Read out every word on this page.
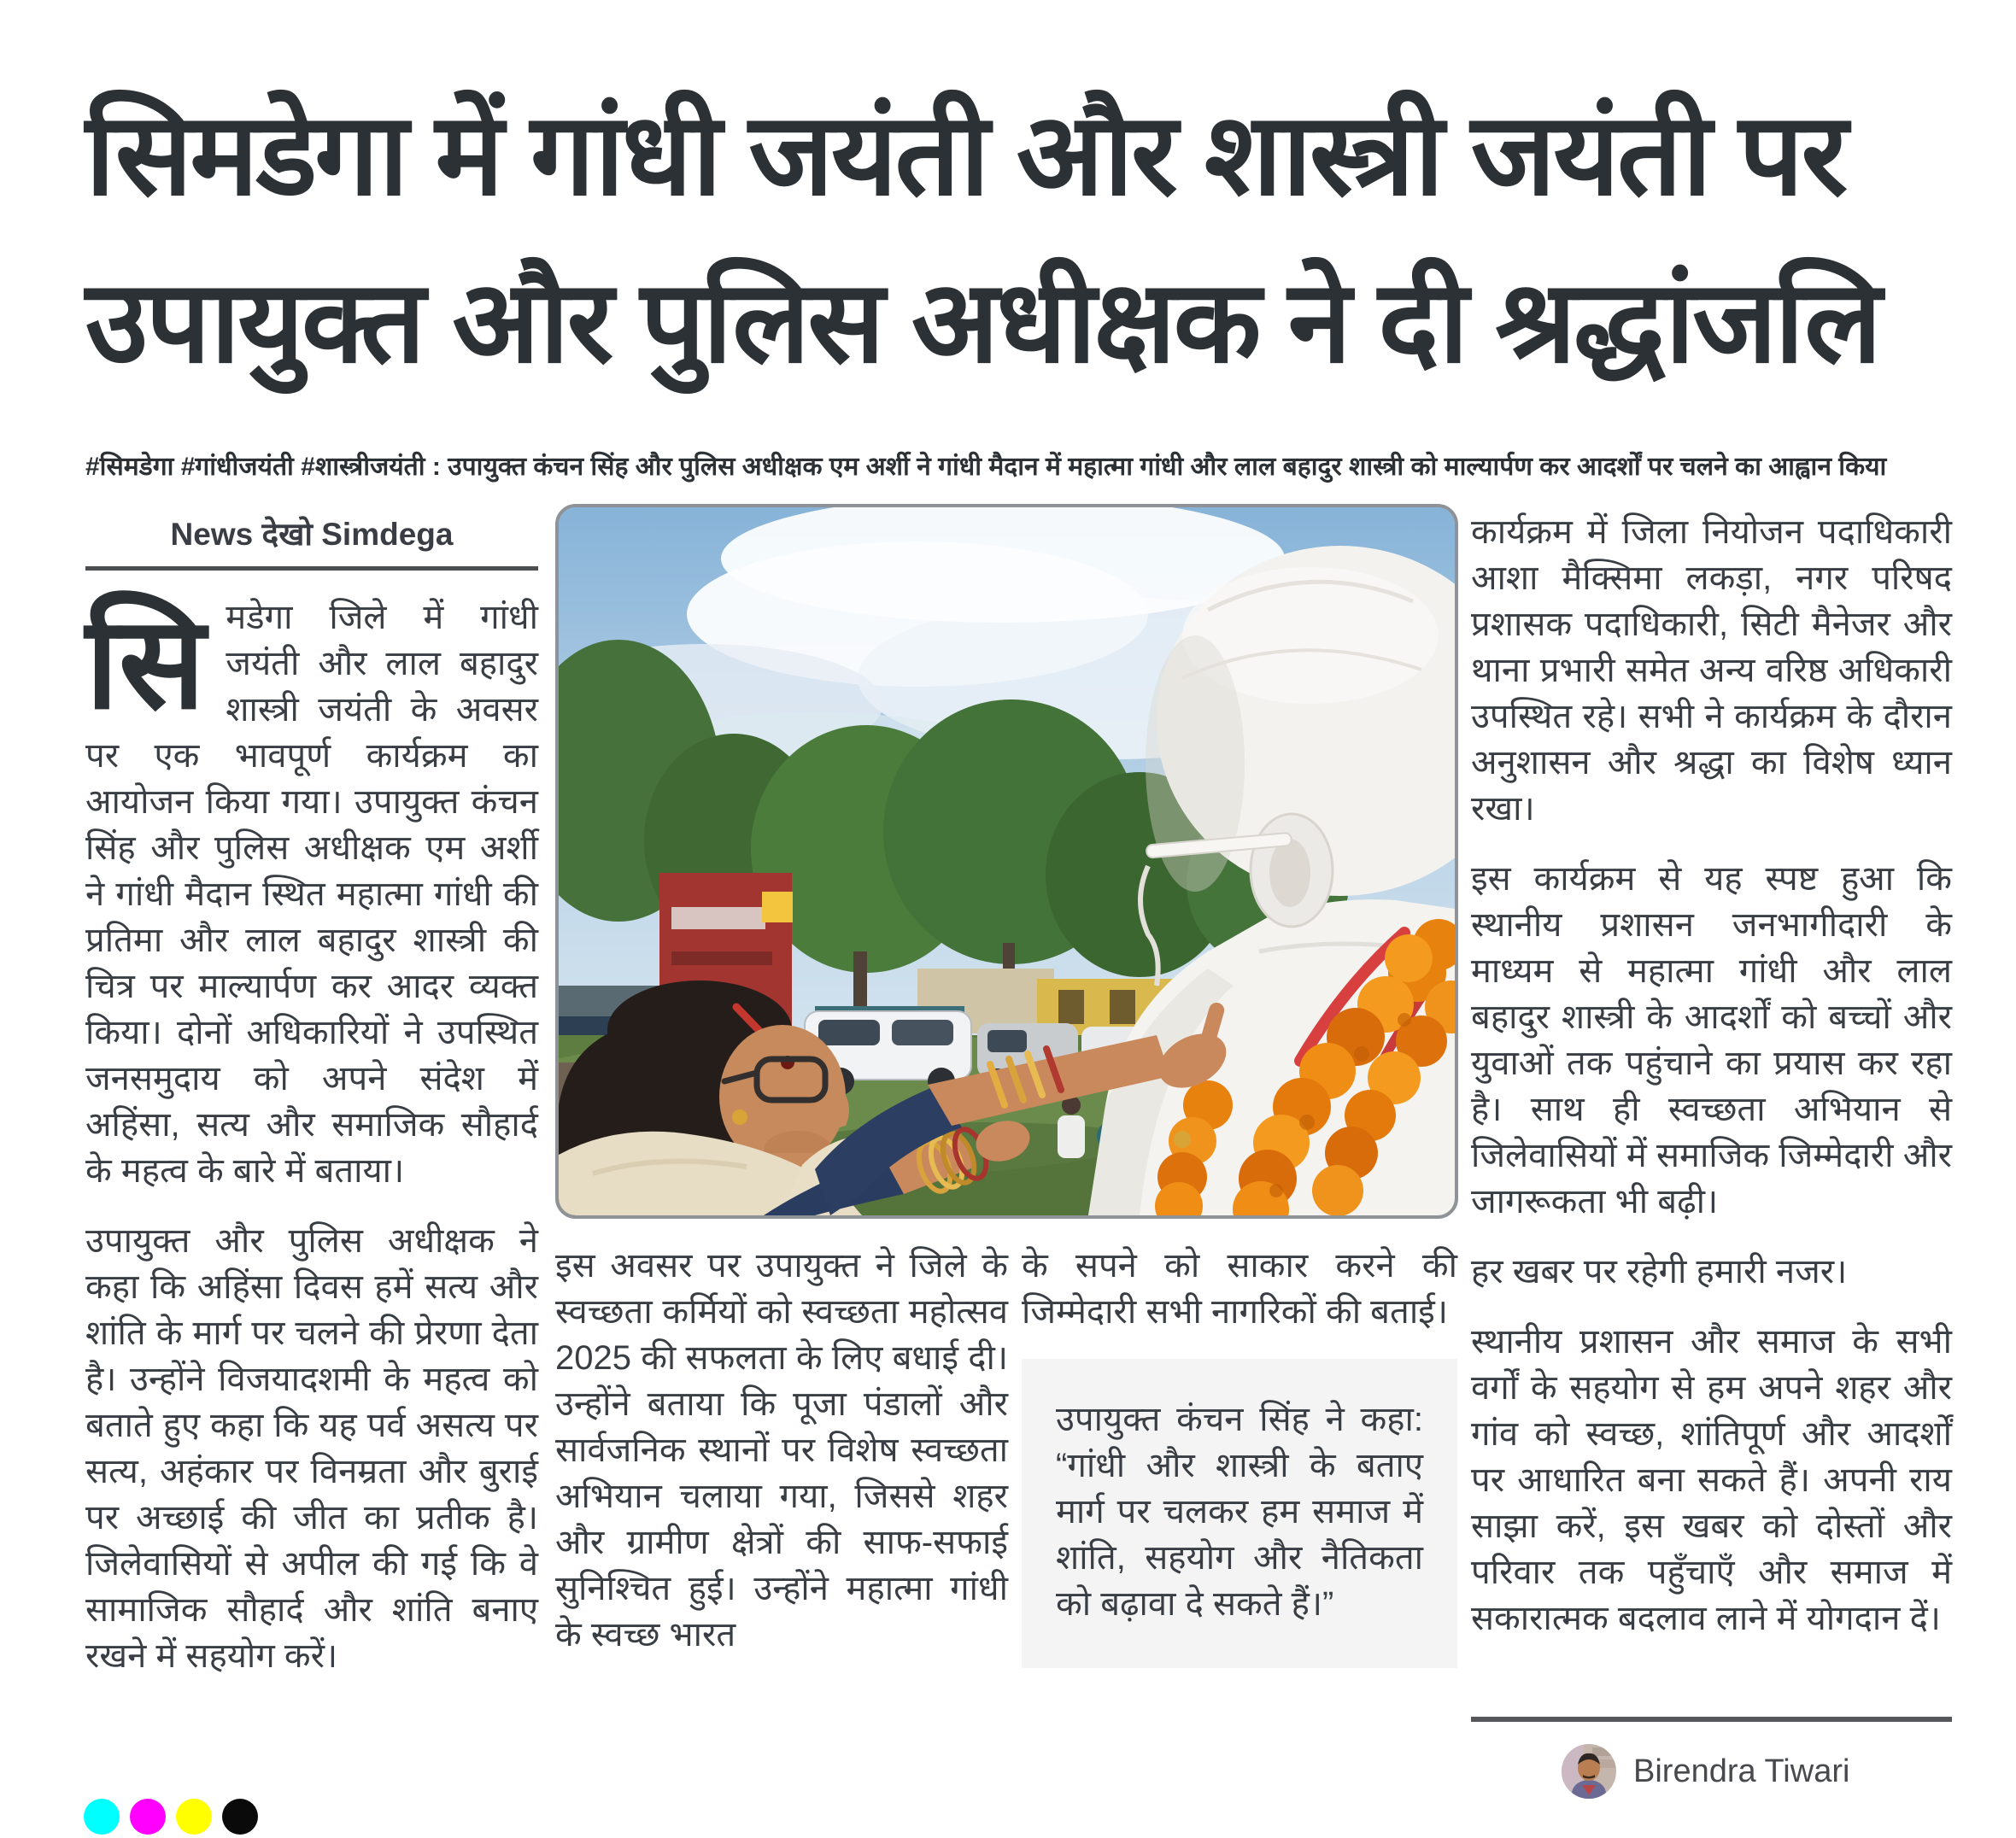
सिमडेगा में गांधी जयंती और शास्त्री जयंती पर
उपायुक्त और पुलिस अधीक्षक ने दी श्रद्धांजलि
#सिमडेगा #गांधीजयंती #शास्त्रीजयंती : उपायुक्त कंचन सिंह और पुलिस अधीक्षक एम अर्शी ने गांधी मैदान में महात्मा गांधी और लाल बहादुर शास्त्री को माल्यार्पण कर आदर्शों पर चलने का आह्वान किया
News देखो Simdega

सिमडेगा जिले में गांधी जयंती और लाल बहादुर शास्त्री जयंती के अवसर पर एक भावपूर्ण कार्यक्रम का आयोजन किया गया। उपायुक्त कंचन सिंह और पुलिस अधीक्षक एम अर्शी ने गांधी मैदान स्थित महात्मा गांधी की प्रतिमा और लाल बहादुर शास्त्री की चित्र पर माल्यार्पण कर आदर व्यक्त किया। दोनों अधिकारियों ने उपस्थित जनसमुदाय को अपने संदेश में अहिंसा, सत्य और समाजिक सौहार्द के महत्व के बारे में बताया।

उपायुक्त और पुलिस अधीक्षक ने कहा कि अहिंसा दिवस हमें सत्य और शांति के मार्ग पर चलने की प्रेरणा देता है। उन्होंने विजयादशमी के महत्व को बताते हुए कहा कि यह पर्व असत्य पर सत्य, अहंकार पर विनम्रता और बुराई पर अच्छाई की जीत का प्रतीक है। जिलेवासियों से अपील की गई कि वे सामाजिक सौहार्द और शांति बनाए रखने में सहयोग करें।

इस अवसर पर उपायुक्त ने जिले के स्वच्छता कर्मियों को स्वच्छता महोत्सव 2025 की सफलता के लिए बधाई दी। उन्होंने बताया कि पूजा पंडालों और सार्वजनिक स्थानों पर विशेष स्वच्छता अभियान चलाया गया, जिससे शहर और ग्रामीण क्षेत्रों की साफ-सफाई सुनिश्चित हुई। उन्होंने महात्मा गांधी के स्वच्छ भारत

के सपने को साकार करने की जिम्मेदारी सभी नागरिकों की बताई।

उपायुक्त कंचन सिंह ने कहा: “गांधी और शास्त्री के बताए मार्ग पर चलकर हम समाज में शांति, सहयोग और नैतिकता को बढ़ावा दे सकते हैं।”

कार्यक्रम में जिला नियोजन पदाधिकारी आशा मैक्सिमा लकड़ा, नगर परिषद प्रशासक पदाधिकारी, सिटी मैनेजर और थाना प्रभारी समेत अन्य वरिष्ठ अधिकारी उपस्थित रहे। सभी ने कार्यक्रम के दौरान अनुशासन और श्रद्धा का विशेष ध्यान रखा।

इस कार्यक्रम से यह स्पष्ट हुआ कि स्थानीय प्रशासन जनभागीदारी के माध्यम से महात्मा गांधी और लाल बहादुर शास्त्री के आदर्शों को बच्चों और युवाओं तक पहुंचाने का प्रयास कर रहा है। साथ ही स्वच्छता अभियान से जिलेवासियों में समाजिक जिम्मेदारी और जागरूकता भी बढ़ी।

हर खबर पर रहेगी हमारी नजर।

स्थानीय प्रशासन और समाज के सभी वर्गों के सहयोग से हम अपने शहर और गांव को स्वच्छ, शांतिपूर्ण और आदर्शों पर आधारित बना सकते हैं। अपनी राय साझा करें, इस खबर को दोस्तों और परिवार तक पहुँचाएँ और समाज में सकारात्मक बदलाव लाने में योगदान दें।

Birendra Tiwari
